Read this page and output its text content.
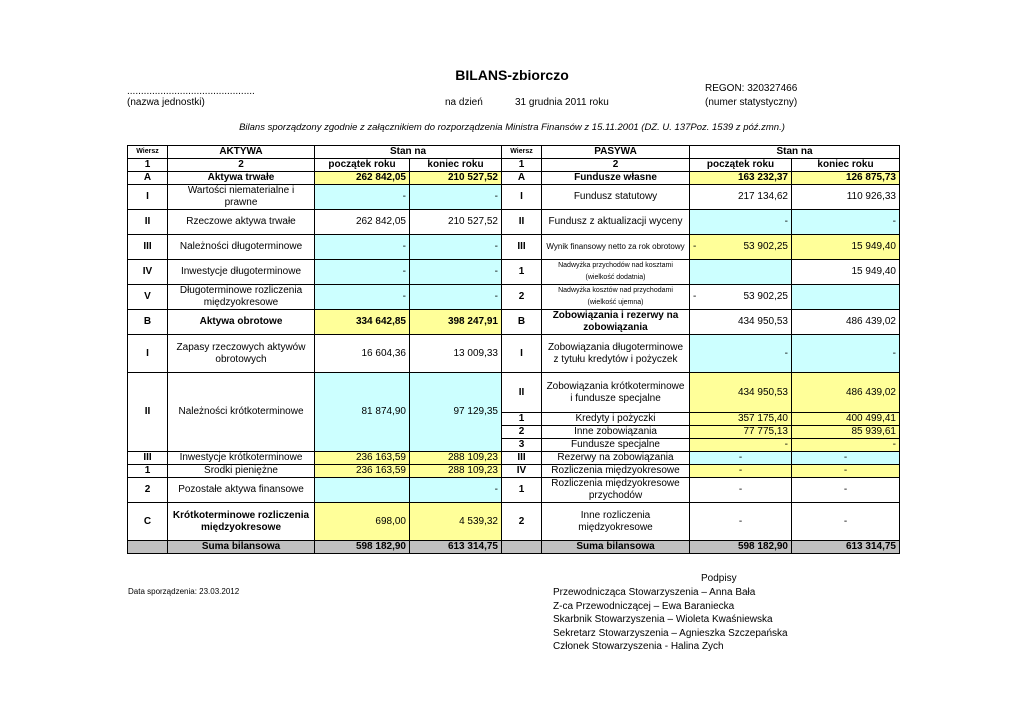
BILANS-zbiorczo
..............................................
(nazwa jednostki)	na dzień	31 grudnia 2011 roku
REGON: 320327466
(numer statystyczny)
Bilans sporządzony zgodnie z załącznikiem do rozporządzenia Ministra Finansów z 15.11.2001 (DZ. U. 137Poz. 1539 z póź.zmn.)
Wiersz	AKTYWA	Stan na		Wiersz	PASYWA	Stan na	
1	2	początek roku	koniec roku	1	2	początek roku	koniec roku
A	Aktywa trwałe	262 842,05	210 527,52	A	Fundusze własne	163 232,37	126 875,73
I	Wartości niematerialne i prawne	-	-	I	Fundusz statutowy	217 134,62	110 926,33
II	Rzeczowe aktywa trwałe	262 842,05	210 527,52	II	Fundusz z aktualizacji wyceny	-	-
III	Należności długoterminowe	-	-	III	Wynik finansowy netto za rok obrotowy	- 53 902,25	15 949,40
IV	Inwestycje długoterminowe	-	-	1	Nadwyżka przychodów nad kosztami (wielkość dodatnia)		15 949,40
V	Długoterminowe rozliczenia międzyokresowe	-	-	2	Nadwyżka kosztów nad przychodami (wielkość ujemna)	- 53 902,25	

B	Aktywa obrotowe	334 642,85	398 247,91	B	Zobowiązania i rezerwy na zobowiązania	434 950,53	486 439,02
I	Zapasy rzeczowych aktywów obrotowych	16 604,36	13 009,33	I	Zobowiązania długoterminowe z tytułu kredytów i pożyczek	-	-
II	Należności krótkoterminowe	81 874,90	97 129,35	II	Zobowiązania krótkoterminowe i fundusze specjalne	434 950,53	486 439,02
				1	Kredyty i pożyczki	357 175,40	400 499,41
				2	Inne zobowiązania	77 775,13	85 939,61
				3	Fundusze specjalne	-	-
III	Inwestycje krótkoterminowe	236 163,59	288 109,23	III	Rezerwy na zobowiązania	-	-
1	Środki pieniężne	236 163,59	288 109,23	IV	Rozliczenia międzyokresowe	-	-
2	Pozostałe aktywa finansowe		-	1	Rozliczenia międzyokresowe przychodów	-	-
C	Krótkoterminowe rozliczenia międzyokresowe	698,00	4 539,32	2	Inne rozliczenia międzyokresowe	-	-
	Suma bilansowa	598 182,90	613 314,75		Suma bilansowa	598 182,90	613 314,75
Data sporządzenia: 23.03.2012
Podpisy
Przewodnicząca Stowarzyszenia – Anna Bała
Z-ca Przewodniczącej – Ewa Baraniecka
Skarbnik Stowarzyszenia – Wioleta Kwaśniewska
Sekretarz Stowarzyszenia – Agnieszka Szczepańska
Członek Stowarzyszenia - Halina Zych
